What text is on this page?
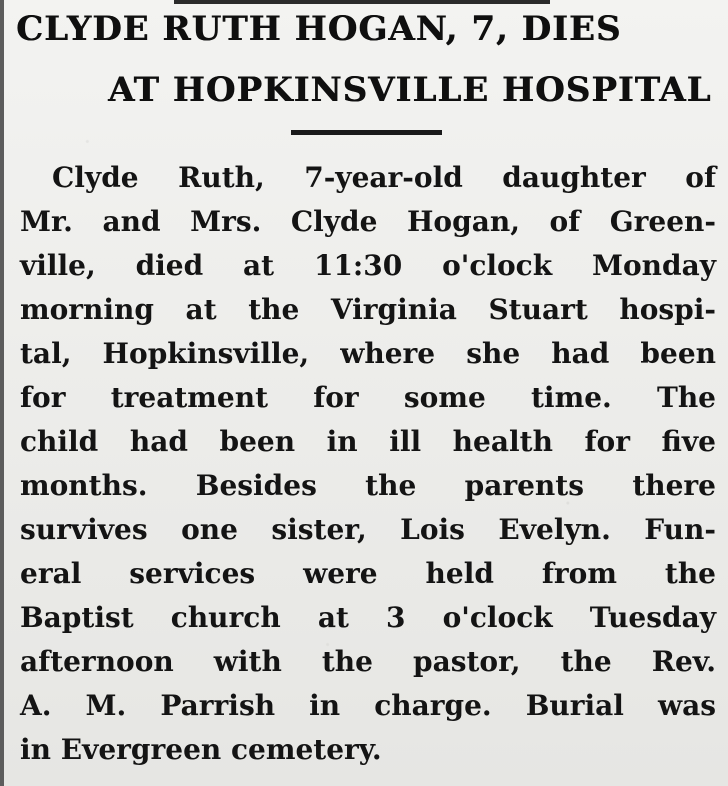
CLYDE RUTH HOGAN, 7, DIES
AT HOPKINSVILLE HOSPITAL
Clyde Ruth, 7-year-old daughter of
Mr. and Mrs. Clyde Hogan, of Green-
ville, died at 11:30 o'clock Monday
morning at the Virginia Stuart hospi-
tal, Hopkinsville, where she had been
for treatment for some time. The
child had been in ill health for five
months. Besides the parents there
survives one sister, Lois Evelyn. Fun-
eral services were held from the
Baptist church at 3 o'clock Tuesday
afternoon with the pastor, the Rev.
A. M. Parrish in charge. Burial was
in Evergreen cemetery.
